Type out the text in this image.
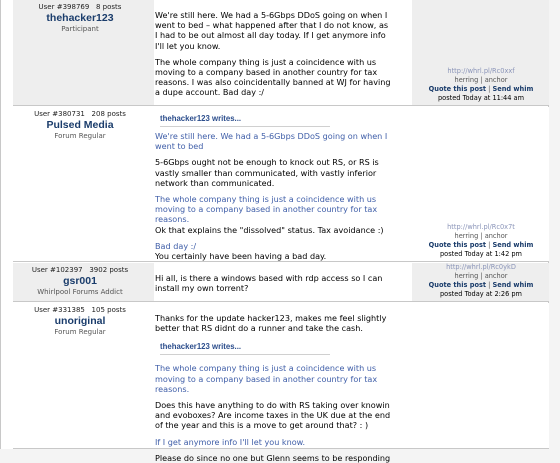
User #398769 8 posts
thehacker123
Participant

We're still here. We had a 5-6Gbps DDoS going on when I

went to bed – what happened after that I do not know, as

I had to be out almost all day today. If I get anymore info

I'll let you know.

The whole company thing is just a coincidence with us

moving to a company based in another country for tax

reasons. I was also coincidentally banned at WJ for having

a dupe account. Bad day :/

http://whrl.pl/Rc0xxf
herring | anchor
Quote this post | Send whim
posted Today at 11:44 am
User #380731 208 posts
Pulsed Media
Forum Regular
thehacker123 writes...

We're still here. We had a 5-6Gbps DDoS going on when I

went to bed

5-6Gbps ought not be enough to knock out RS, or RS is

vastly smaller than communicated, with vastly inferior

network than communicated.

The whole company thing is just a coincidence with us

moving to a company based in another country for tax

reasons.

Ok that explains the "dissolved" status. Tax avoidance :)

Bad day :/

You certainly have been having a bad day.

http://whrl.pl/Rc0x7t
herring | anchor
Quote this post | Send whim
posted Today at 1:42 pm
User #102397 3902 posts
gsr001
Whirlpool Forums Addict

Hi all, is there a windows based with rdp access so I can

install my own torrent?

http://whrl.pl/Rc0ykD
herring | anchor
Quote this post | Send whim
posted Today at 2:26 pm
User #331385 105 posts
unoriginal
Forum Regular

Thanks for the update hacker123, makes me feel slightly

better that RS didnt do a runner and take the cash.

thehacker123 writes...

The whole company thing is just a coincidence with us

moving to a company based in another country for tax

reasons.

Does this have anything to do with RS taking over knowin

and evoboxes? Are income taxes in the UK due at the end

of the year and this is a move to get around that? : )

If I get anymore info I'll let you know.

Please do since no one but Glenn seems to be responding
